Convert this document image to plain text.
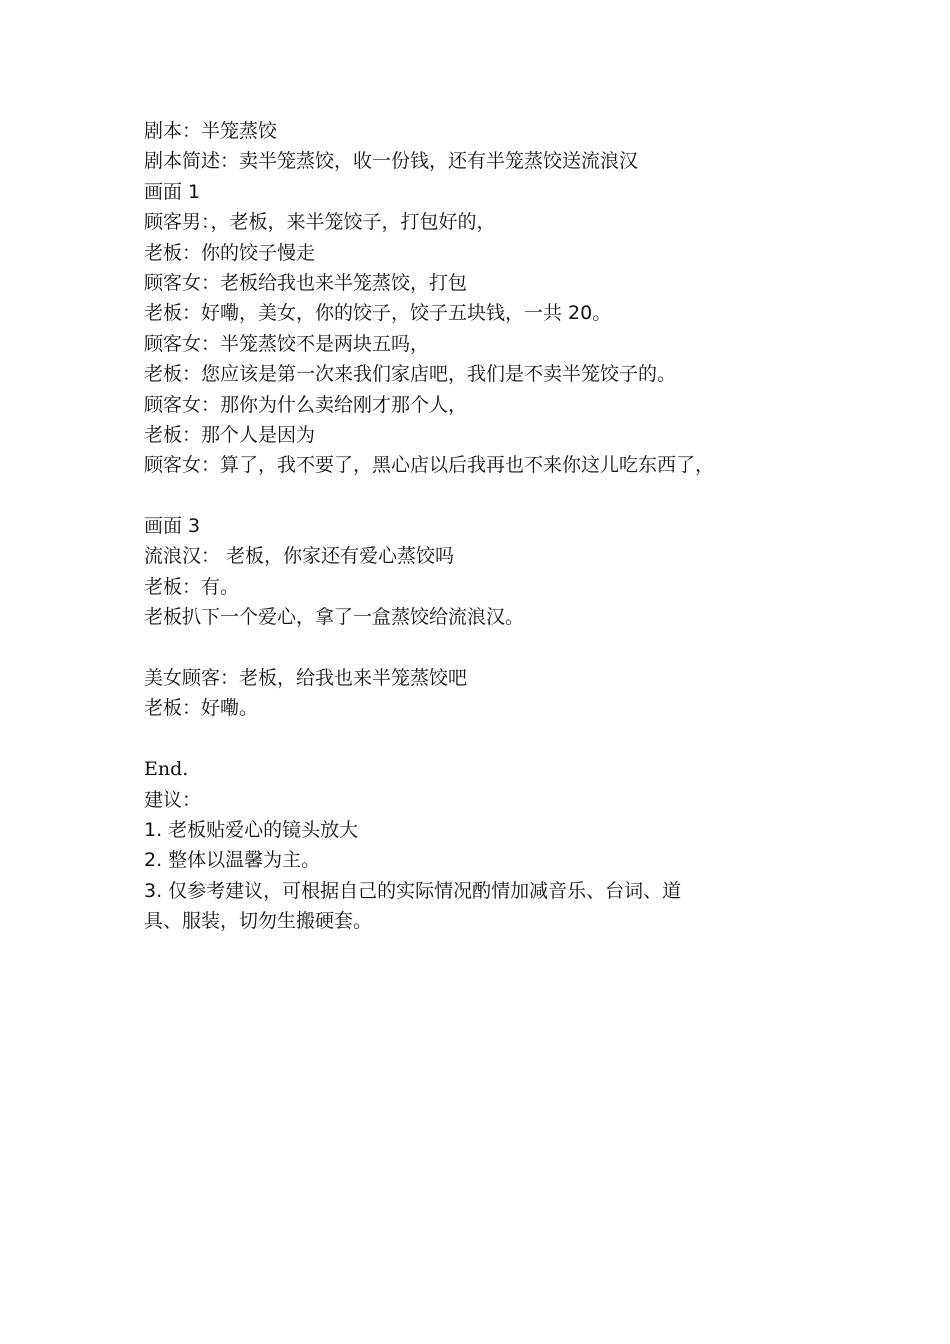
剧本：半笼蒸饺
剧本简述：卖半笼蒸饺，收一份钱，还有半笼蒸饺送流浪汉
画面 1
顾客男：，老板，来半笼饺子，打包好的，
老板：你的饺子慢走
顾客女：老板给我也来半笼蒸饺，打包
老板：好嘞，美女，你的饺子，饺子五块钱，一共 20。
顾客女：半笼蒸饺不是两块五吗，
老板：您应该是第一次来我们家店吧，我们是不卖半笼饺子的。
顾客女：那你为什么卖给刚才那个人，
老板：那个人是因为
顾客女：算了，我不要了，黑心店以后我再也不来你这儿吃东西了，
画面 3
流浪汉： 老板，你家还有爱心蒸饺吗
老板：有。
老板扒下一个爱心，拿了一盒蒸饺给流浪汉。
美女顾客：老板，给我也来半笼蒸饺吧
老板：好嘞。
End.
建议：
1. 老板贴爱心的镜头放大
2. 整体以温馨为主。
3. 仅参考建议，可根据自己的实际情况酌情加减音乐、台词、道
具、服装，切勿生搬硬套。
